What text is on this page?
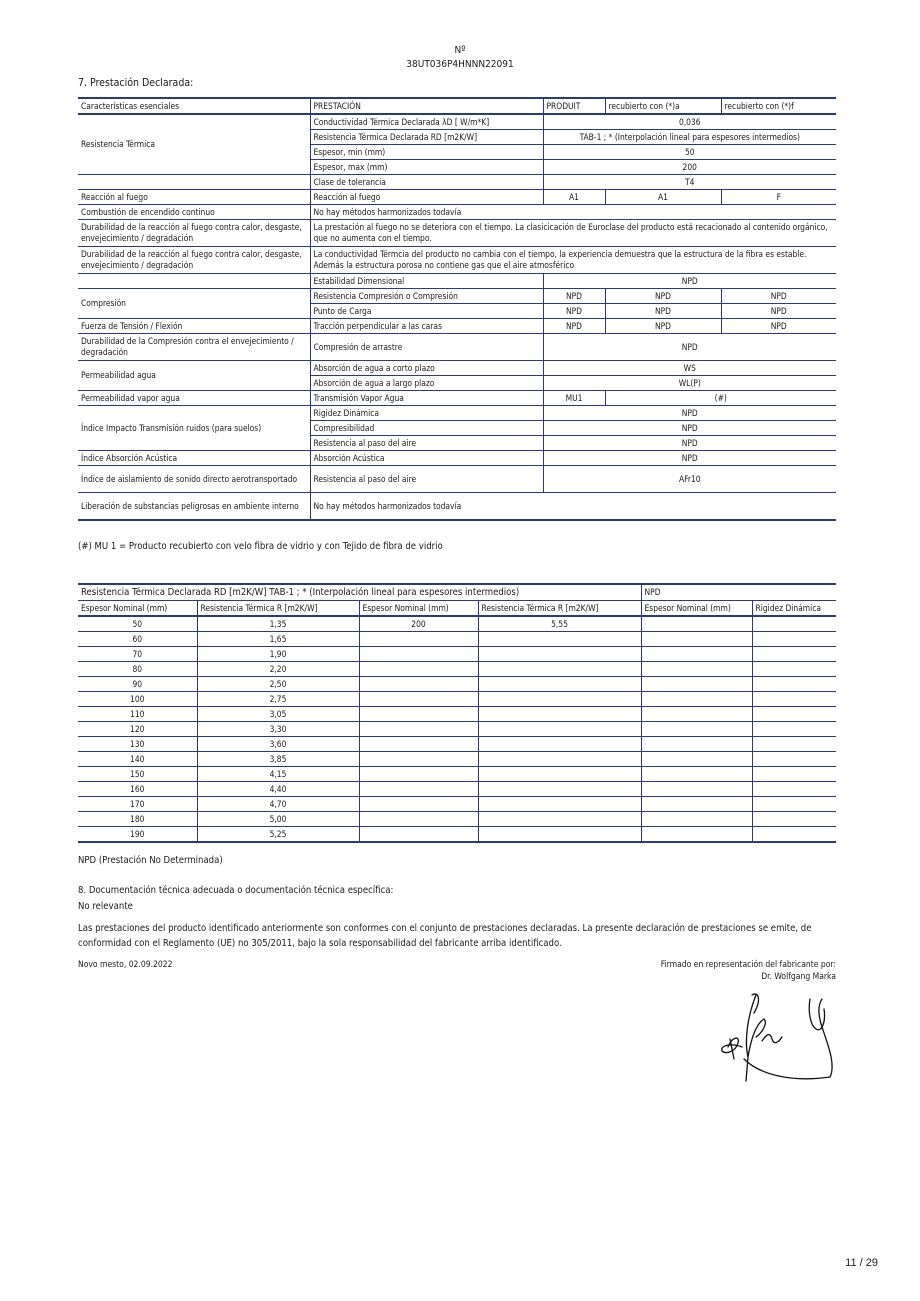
Nº
38UT036P4HNNN22091
7. Prestación Declarada:
Características esenciales	PRESTACIÓN	PRODUIT	recubierto con (*)a	recubierto con (*)f
Resistencia Térmica	Conductividad Térmica Declarada λD [ W/m*K]	0,036		
	Resistencia Térmica Declarada RD [m2K/W]	TAB-1 ; * (Interpolación lineal para espesores intermedios)		
	Espesor, min (mm)	50		
	Espesor, max (mm)	200		
	Clase de tolerancia	T4		
Reacción al fuego	Reacción al fuego	A1	A1	F
Combustión de encendido continuo	No hay métodos harmonizados todavía			
Durabilidad de la reacción al fuego contra calor, desgaste, envejecimiento / degradación	La prestación al fuego no se deteriora con el tiempo. La clasicicación de Euroclase del producto está recacionado al contenido orgánico, que no aumenta con el tiempo.			
Durabilidad de la reacción al fuego contra calor, desgaste, envejecimiento / degradación	La conductividad Térmcia del producto no cambia con el tiempo, la experiencia demuestra que la estructura de la fibra es estable. Además la estructura porosa no contiene gas que el aire atmosférico			
	Estabilidad Dimensional	NPD		
Compresión	Resistencia Compresión o Compresión	NPD	NPD	NPD
	Punto de Carga	NPD	NPD	NPD
Fuerza de Tensión / Flexión	Tracción perpendicular a las caras	NPD	NPD	NPD
Durabilidad de la Compresión contra el envejecimiento / degradación	Compresión de arrastre	NPD		
Permeabilidad agua	Absorción de agua a corto plazo	WS		
	Absorción de agua a largo plazo	WL(P)		
Permeabilidad vapor agua	Transmisión Vapor Agua	MU1	(#)	
Índice Impacto Transmisión ruidos (para suelos)	Rigidez Dinámica	NPD		
	Compresibilidad	NPD		
	Resistencia al paso del aire	NPD		
Índice Absorción Acústica	Absorción Acústica	NPD		
Índice de aislamiento de sonido directo aerotransportado	Resistencia al paso del aire	AFr10		
Liberación de substancias peligrosas en ambiente interno	No hay métodos harmonizados todavía			
(#) MU 1 = Producto recubierto con velo fibra de vidrio y con Tejido de fibra de vidrio
Resistencia Térmica Declarada RD [m2K/W] TAB-1 ; * (Interpolación lineal para espesores intermedios)				NPD	
Espesor Nominal (mm)	Resistencia Térmica R [m2K/W]	Espesor Nominal (mm)	Resistencia Térmica R [m2K/W]	Espesor Nominal (mm)	Rigidez Dinámica
50	1,35	200	5,55		
60	1,65				
70	1,90				
80	2,20				
90	2,50				
100	2,75				
110	3,05				
120	3,30				
130	3,60				
140	3,85				
150	4,15				
160	4,40				
170	4,70				
180	5,00				
190	5,25				
NPD (Prestación No Determinada)
8. Documentación técnica adecuada o documentación técnica específica:
No relevante
Las prestaciones del producto identificado anteriormente son conformes con el conjunto de prestaciones declaradas. La presente declaración de prestaciones se emite, de conformidad con el Reglamento (UE) no 305/2011, bajo la sola responsabilidad del fabricante arriba identificado.
Novo mesto, 02.09.2022	Firmado en representación del fabricante por:
Dr. Wolfgang Marka
11 / 29
